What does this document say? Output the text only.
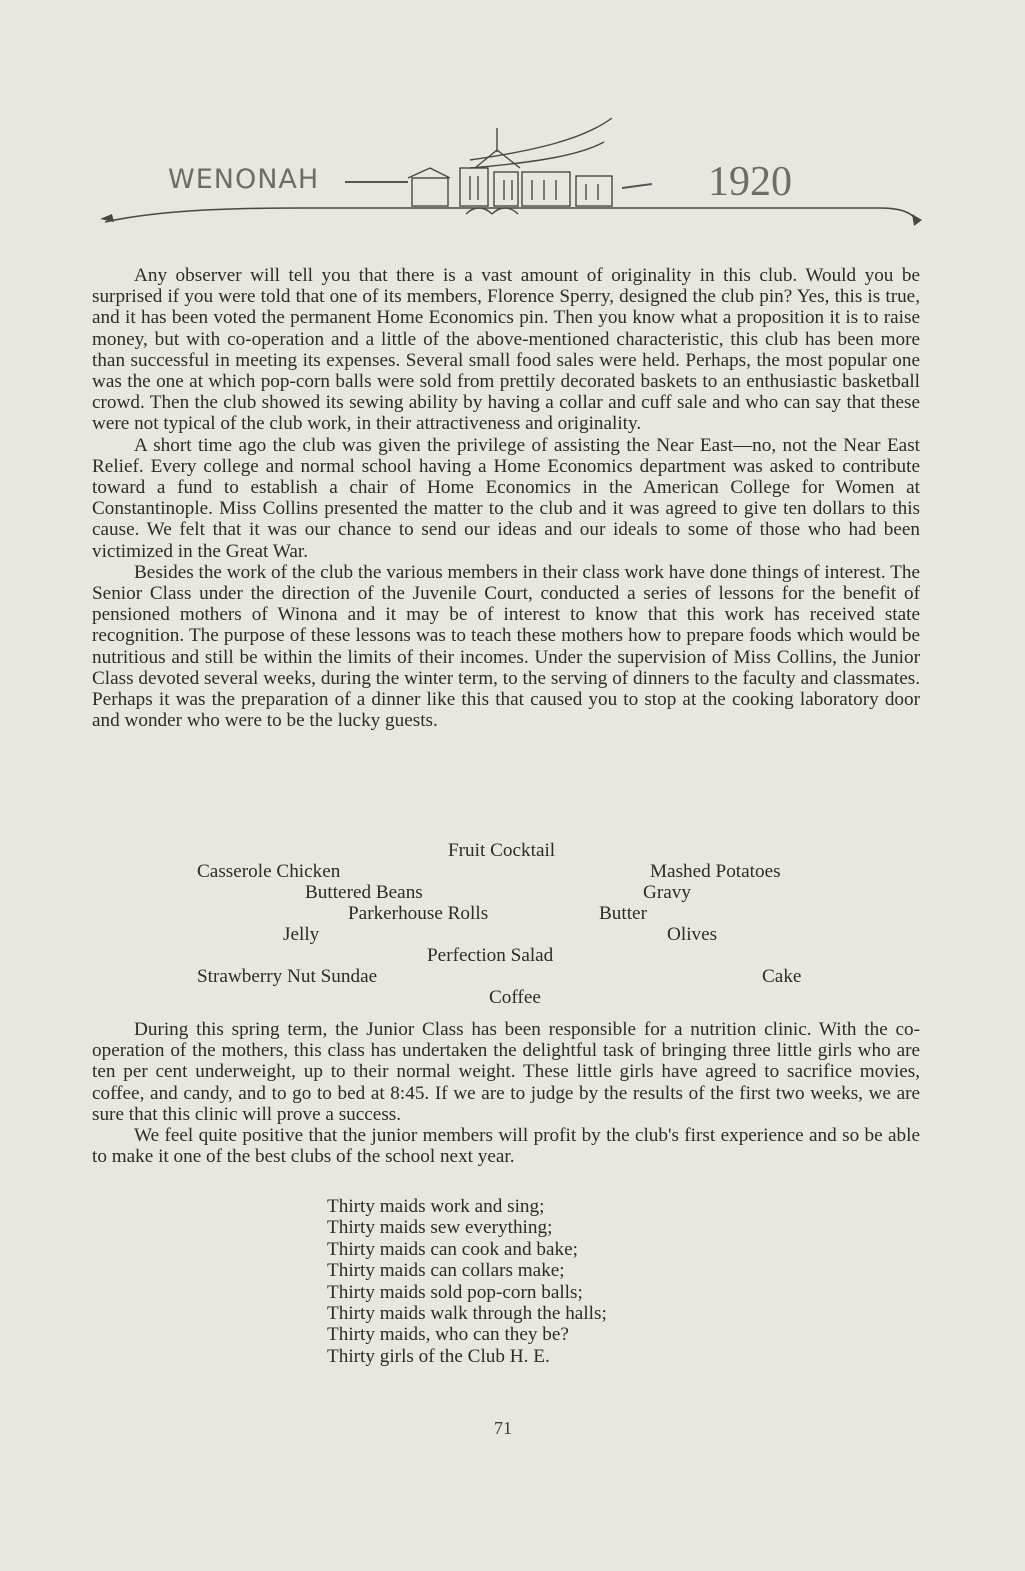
WENONAH	1920

Any observer will tell you that there is a vast amount of originality in this club. Would you be surprised if you were told that one of its members, Florence Sperry, designed the club pin? Yes, this is true, and it has been voted the permanent Home Economics pin. Then you know what a proposition it is to raise money, but with co-operation and a little of the above-mentioned characteristic, this club has been more than successful in meeting its expenses. Several small food sales were held. Perhaps, the most popular one was the one at which pop-corn balls were sold from prettily decorated baskets to an enthusiastic basketball crowd. Then the club showed its sewing ability by having a collar and cuff sale and who can say that these were not typical of the club work, in their attractiveness and originality.

A short time ago the club was given the privilege of assisting the Near East—no, not the Near East Relief. Every college and normal school having a Home Economics department was asked to contribute toward a fund to establish a chair of Home Economics in the American College for Women at Constantinople. Miss Collins presented the matter to the club and it was agreed to give ten dollars to this cause. We felt that it was our chance to send our ideas and our ideals to some of those who had been victimized in the Great War.

Besides the work of the club the various members in their class work have done things of interest. The Senior Class under the direction of the Juvenile Court, conducted a series of lessons for the benefit of pensioned mothers of Winona and it may be of interest to know that this work has received state recognition. The purpose of these lessons was to teach these mothers how to prepare foods which would be nutritious and still be within the limits of their incomes. Under the supervision of Miss Collins, the Junior Class devoted several weeks, during the winter term, to the serving of dinners to the faculty and classmates. Perhaps it was the preparation of a dinner like this that caused you to stop at the cooking laboratory door and wonder who were to be the lucky guests.

Fruit Cocktail
Casserole Chicken	Mashed Potatoes
Buttered Beans	Gravy
Parkerhouse Rolls	Butter
Jelly	Olives
Perfection Salad
Strawberry Nut Sundae	Cake
Coffee

During this spring term, the Junior Class has been responsible for a nutrition clinic. With the co-operation of the mothers, this class has undertaken the delightful task of bringing three little girls who are ten per cent underweight, up to their normal weight. These little girls have agreed to sacrifice movies, coffee, and candy, and to go to bed at 8:45. If we are to judge by the results of the first two weeks, we are sure that this clinic will prove a success.

We feel quite positive that the junior members will profit by the club's first experience and so be able to make it one of the best clubs of the school next year.

Thirty maids work and sing;
Thirty maids sew everything;
Thirty maids can cook and bake;
Thirty maids can collars make;
Thirty maids sold pop-corn balls;
Thirty maids walk through the halls;
Thirty maids, who can they be?
Thirty girls of the Club H. E.
71
